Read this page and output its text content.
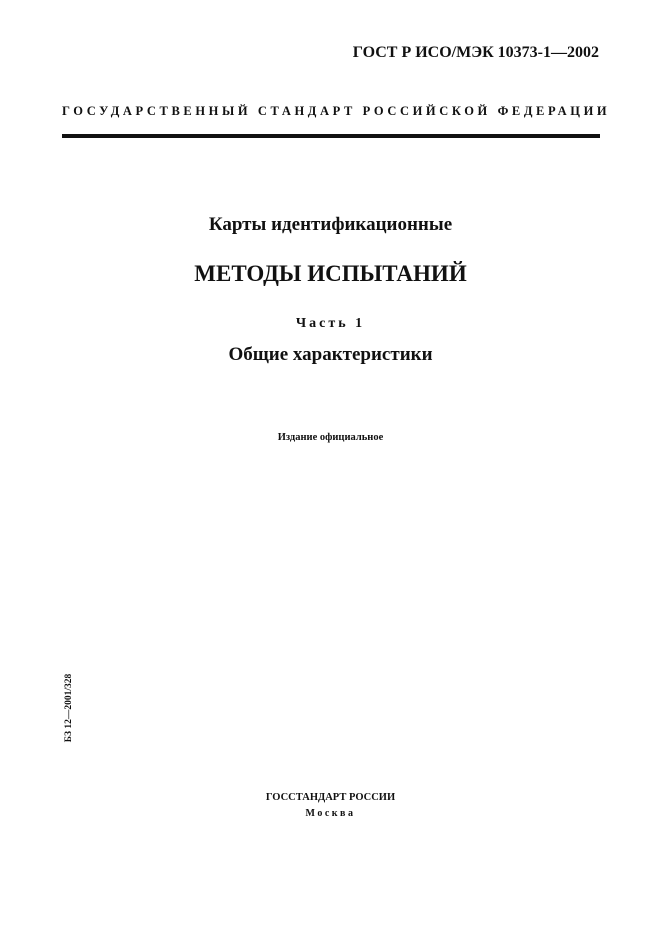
ГОСТ Р ИСО/МЭК 10373-1—2002
ГОСУДАРСТВЕННЫЙ СТАНДАРТ РОССИЙСКОЙ ФЕДЕРАЦИИ
Карты идентификационные
МЕТОДЫ ИСПЫТАНИЙ
Часть 1
Общие характеристики
Издание официальное
БЗ 12—2001/328
ГОССТАНДАРТ РОССИИ
Москва
